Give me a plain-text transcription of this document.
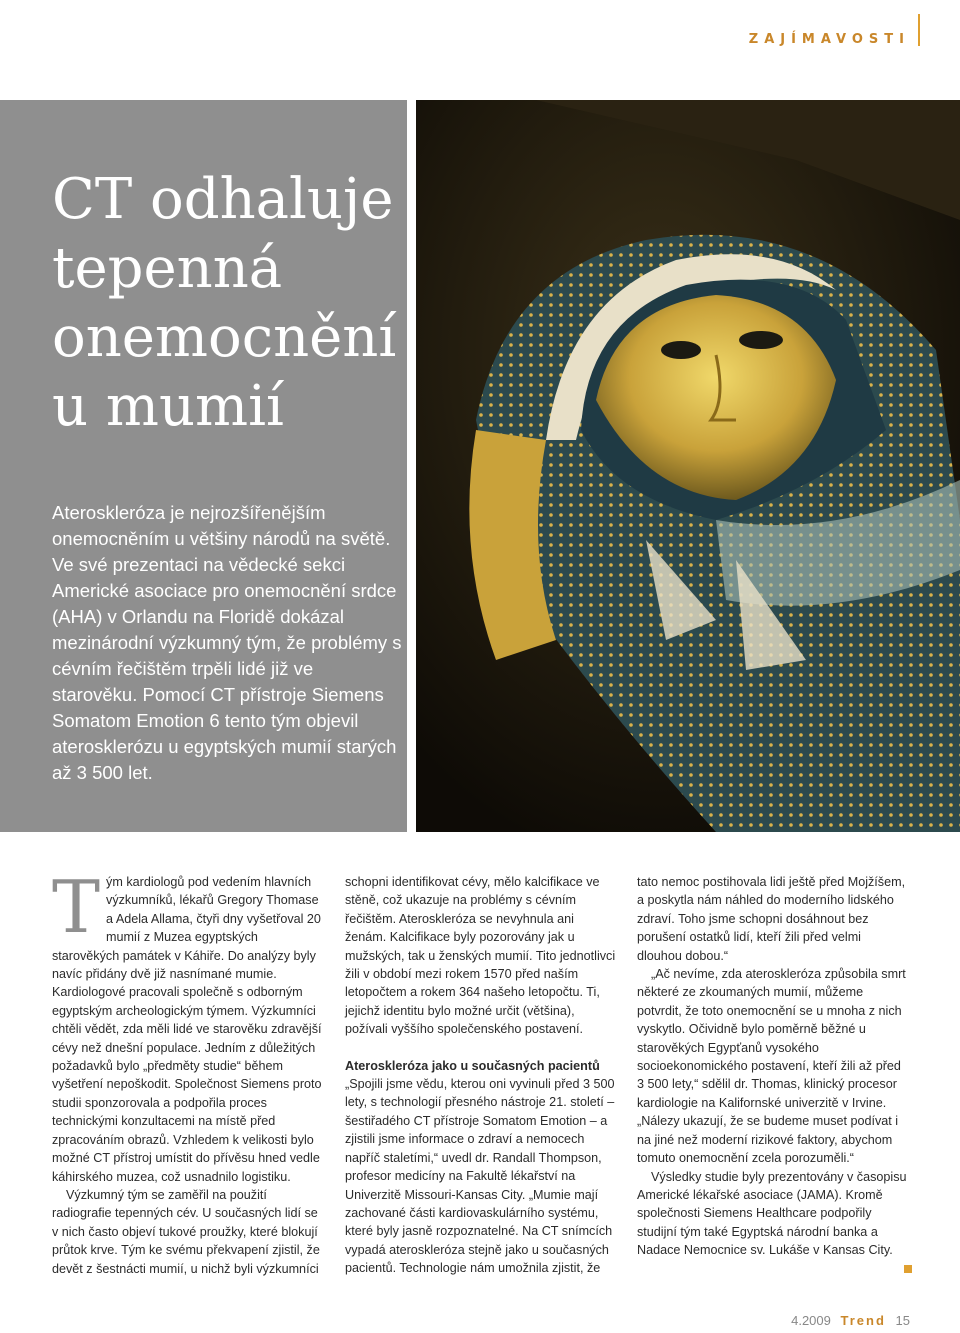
ZAJÍMAVOSTI
CT odhaluje tepenná onemocnění u mumií

Ateroskleróza je nejrozšířenějším onemocněním u většiny národů na světě. Ve své prezentaci na vědecké sekci Americké asociace pro onemocnění srdce (AHA) v Orlandu na Floridě dokázal mezinárodní výzkumný tým, že problémy s cévním řečištěm trpěli lidé již ve starověku. Pomocí CT přístroje Siemens Somatom Emotion 6 tento tým objevil aterosklerózu u egyptských mumií starých až 3 500 let.

T ým kardiologů pod vedením hlavních výzkumníků, lékařů Gregory Thomase a Adela Allama, čtyři dny vyšetřoval 20 mumií z Muzea egyptských starověkých památek v Káhiře. Do analýzy byly navíc přidány dvě již nasnímané mumie. Kardiologové pracovali společně s odborným egyptským archeologickým týmem. Výzkumníci chtěli vědět, zda měli lidé ve starověku zdravější cévy než dnešní populace. Jedním z důležitých požadavků bylo „předměty studie“ během vyšetření nepoškodit. Společnost Siemens proto studii sponzorovala a podpořila proces technickými konzultacemi na místě před zpracováním obrazů. Vzhledem k velikosti bylo možné CT přístroj umístit do přívěsu hned vedle káhirského muzea, což usnadnilo logistiku.

Výzkumný tým se zaměřil na použití radiografie tepenných cév. U současných lidí se v nich často objeví tukové proužky, které blokují průtok krve. Tým ke svému překvapení zjistil, že devět z šestnácti mumií, u nichž byli výzkumníci

schopni identifikovat cévy, mělo kalcifikace ve stěně, což ukazuje na problémy s cévním řečištěm. Ateroskleróza se nevyhnula ani ženám. Kalcifikace byly pozorovány jak u mužských, tak u ženských mumií. Tito jednotlivci žili v období mezi rokem 1570 před naším letopočtem a rokem 364 našeho letopočtu. Ti, jejichž identitu bylo možné určit (většina), požívali vyššího společenského postavení.

Ateroskleróza jako u současných pacientů

„Spojili jsme vědu, kterou oni vyvinuli před 3 500 lety, s technologií přesného nástroje 21. století – šestiřadého CT přístroje Somatom Emotion – a zjistili jsme informace o zdraví a nemocech napříč staletími,“ uvedl dr. Randall Thompson, profesor medicíny na Fakultě lékařství na Univerzitě Missouri-Kansas City. „Mumie mají zachované části kardiovaskulárního systému, které byly jasně rozpoznatelné. Na CT snímcích vypadá ateroskleróza stejně jako u současných pacientů. Technologie nám umožnila zjistit, že

tato nemoc postihovala lidi ještě před Mojžíšem, a poskytla nám náhled do moderního lidského zdraví. Toho jsme schopni dosáhnout bez porušení ostatků lidí, kteří žili před velmi dlouhou dobou.“

„Ač nevíme, zda ateroskleróza způsobila smrt některé ze zkoumaných mumií, můžeme potvrdit, že toto onemocnění se u mnoha z nich vyskytlo. Očividně bylo poměrně běžné u starověkých Egypťanů vysokého socioekonomického postavení, kteří žili až před 3 500 lety,“ sdělil dr. Thomas, klinický procesor kardiologie na Kalifornské univerzitě v Irvine. „Nálezy ukazují, že se budeme muset podívat i na jiné než moderní rizikové faktory, abychom tomuto onemocnění zcela porozuměli.“

Výsledky studie byly prezentovány v časopisu Americké lékařské asociace (JAMA). Kromě společnosti Siemens Healthcare podpořily studijní tým také Egyptská národní banka a Nadace Nemocnice sv. Lukáše v Kansas City.

4.2009 Trend 15
